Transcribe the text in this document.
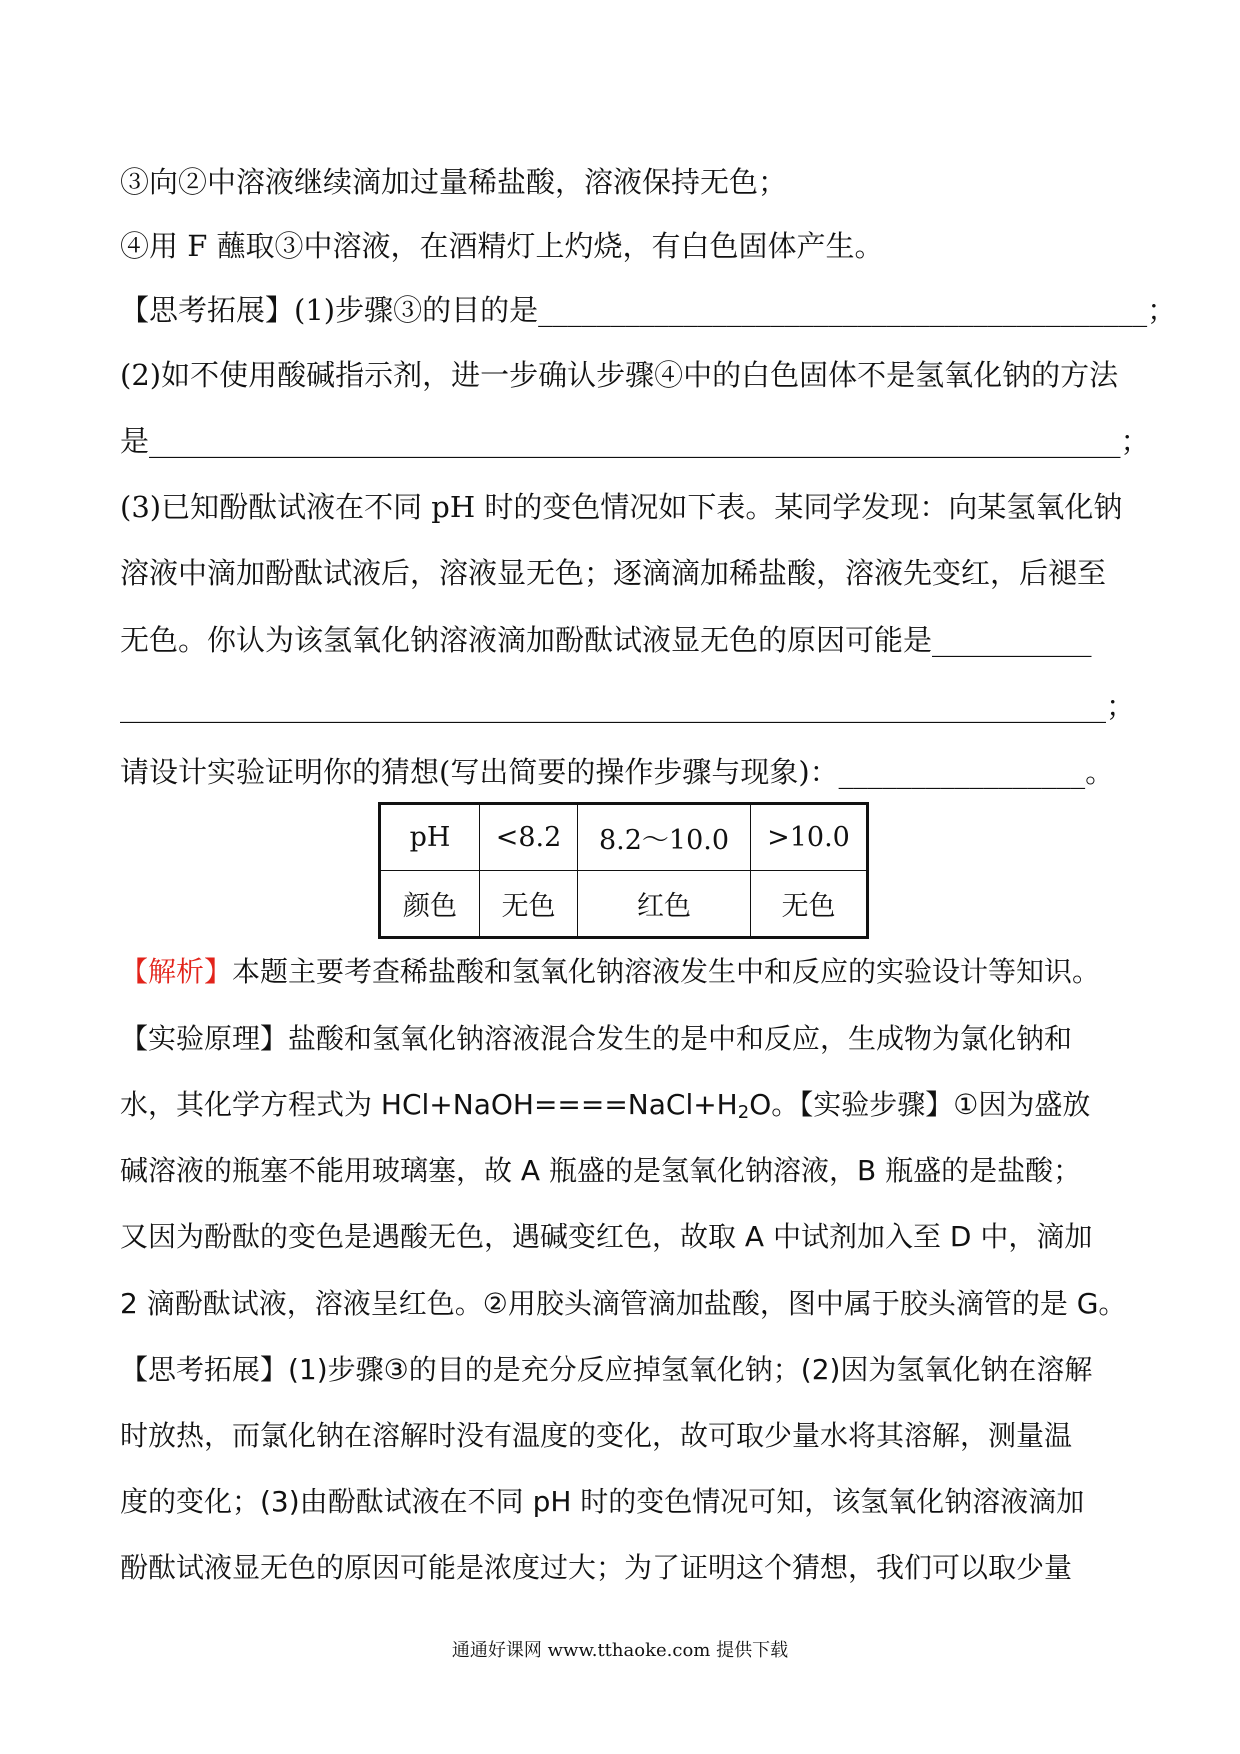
③向②中溶液继续滴加过量稀盐酸，溶液保持无色；
④用 F 蘸取③中溶液，在酒精灯上灼烧，有白色固体产生。
【思考拓展】(1)步骤③的目的是__________________________________________；
(2)如不使用酸碱指示剂，进一步确认步骤④中的白色固体不是氢氧化钠的方法
是___________________________________________________________________；
(3)已知酚酞试液在不同 pH 时的变色情况如下表。某同学发现：向某氢氧化钠
溶液中滴加酚酞试液后，溶液显无色；逐滴滴加稀盐酸，溶液先变红，后褪至
无色。你认为该氢氧化钠溶液滴加酚酞试液显无色的原因可能是___________
____________________________________________________________________；
请设计实验证明你的猜想(写出简要的操作步骤与现象)：_________________。
pH	<8.2	8.2～10.0	>10.0
颜色	无色	红色	无色
【解析】本题主要考查稀盐酸和氢氧化钠溶液发生中和反应的实验设计等知识。
【实验原理】盐酸和氢氧化钠溶液混合发生的是中和反应，生成物为氯化钠和
水，其化学方程式为 $HCl+NaOH====NaCl+H_2O$。【实验步骤】①因为盛放
碱溶液的瓶塞不能用玻璃塞，故 A 瓶盛的是氢氧化钠溶液，B 瓶盛的是盐酸；
又因为酚酞的变色是遇酸无色，遇碱变红色，故取 A 中试剂加入至 D 中，滴加
2 滴酚酞试液，溶液呈红色。②用胶头滴管滴加盐酸，图中属于胶头滴管的是 G。
【思考拓展】(1)步骤③的目的是充分反应掉氢氧化钠；(2)因为氢氧化钠在溶解
时放热，而氯化钠在溶解时没有温度的变化，故可取少量水将其溶解，测量温
度的变化；(3)由酚酞试液在不同 pH 时的变色情况可知，该氢氧化钠溶液滴加
酚酞试液显无色的原因可能是浓度过大；为了证明这个猜想，我们可以取少量
通通好课网 www.tthaoke.com 提供下载
